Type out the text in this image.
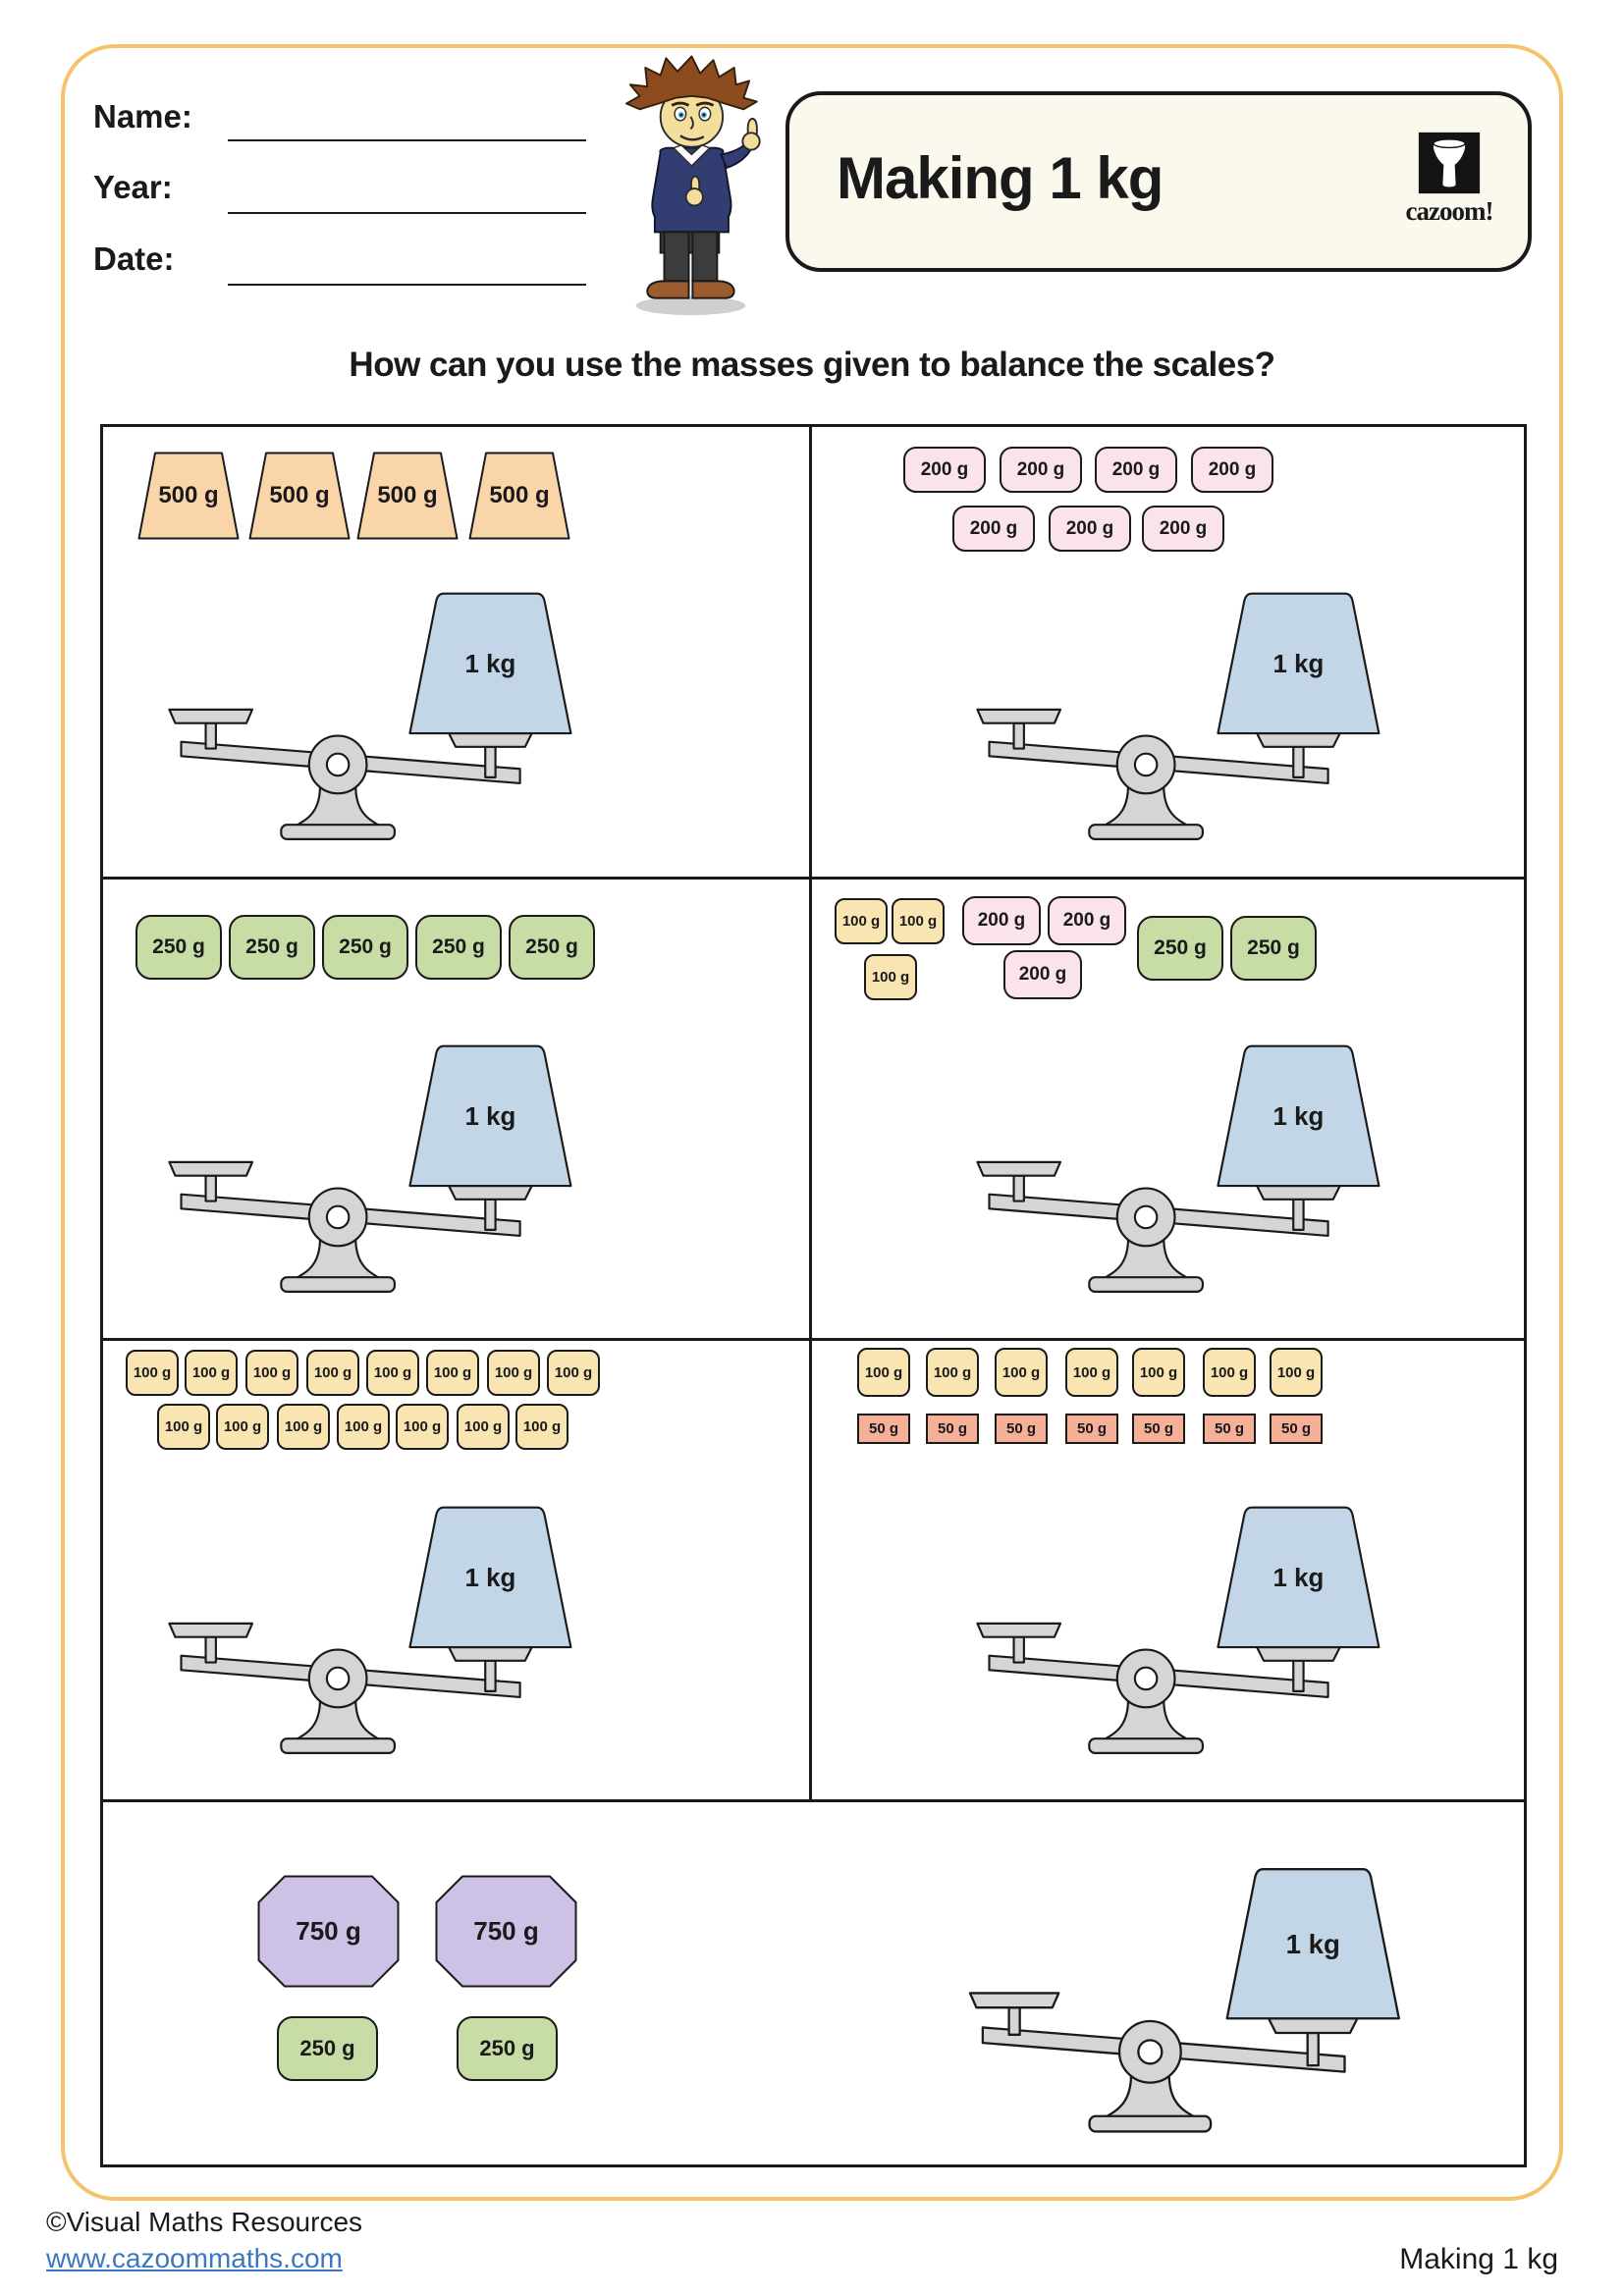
Name:
Year:
Date:
Making 1 kg	cazoom!
How can you use the masses given to balance the scales?
500 g 500 g 500 g 500 g
1 kg
200 g	200 g	200 g	200 g
200 g	200 g	200 g
1 kg
250 g	250 g	250 g	250 g	250 g
1 kg
100 g	100 g
100 g
200 g	200 g
200 g
250 g	250 g
1 kg
100 g	100 g	100 g	100 g	100 g	100 g	100 g	100 g
100 g	100 g	100 g	100 g	100 g	100 g	100 g
1 kg
100 g	100 g	100 g	100 g	100 g	100 g	100 g
50 g	50 g	50 g	50 g	50 g	50 g	50 g
1 kg
750 g	750 g
250 g	250 g
1 kg
©Visual Maths Resources
www.cazoommaths.com	Making 1 kg
